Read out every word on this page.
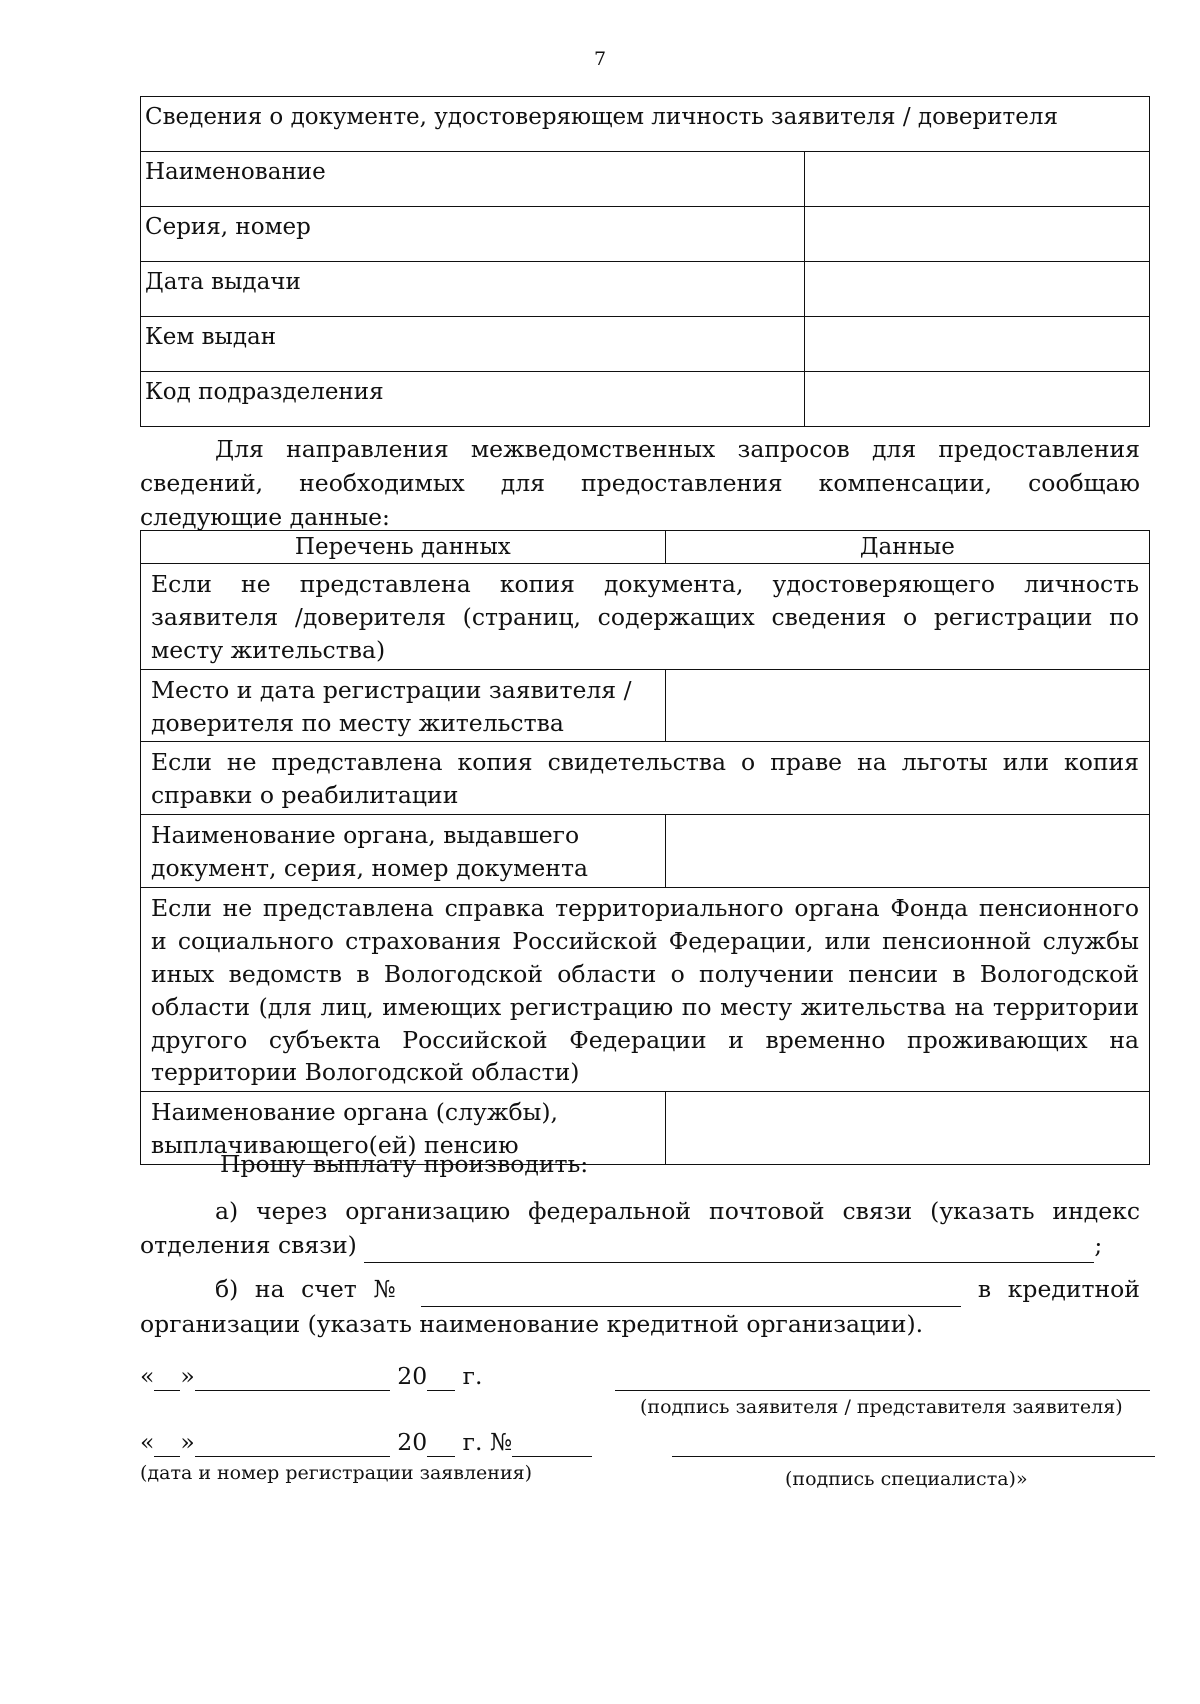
7
Сведения о документе, удостоверяющем личность заявителя / доверителя	
Наименование	
Серия, номер	
Дата выдачи	
Кем выдан	
Код подразделения	
Для направления межведомственных запросов для предоставления сведений, необходимых для предоставления компенсации, сообщаю следующие данные:
Перечень данных	Данные
Если не представлена копия документа, удостоверяющего личность заявителя /доверителя (страниц, содержащих сведения о регистрации по месту жительства)	
Место и дата регистрации заявителя /доверителя по месту жительства	
Если не представлена копия свидетельства о праве на льготы или копия справки о реабилитации	
Наименование органа, выдавшего документ, серия, номер документа	
Если не представлена справка территориального органа Фонда пенсионного и социального страхования Российской Федерации, или пенсионной службы иных ведомств в Вологодской области о получении пенсии в Вологодской области (для лиц, имеющих регистрацию по месту жительства на территории другого субъекта Российской Федерации и временно проживающих на территории Вологодской области)	
Наименование органа (службы), выплачивающего(ей) пенсию	
Прошу выплату производить:
а) через организацию федеральной почтовой связи (указать индекс отделения связи)	;
б) на счет №	в кредитной организации (указать наименование кредитной организации).
« »	20 г.
(подпись заявителя / представителя заявителя)
« »	20 г. №
(дата и номер регистрации заявления)	(подпись специалиста)»
